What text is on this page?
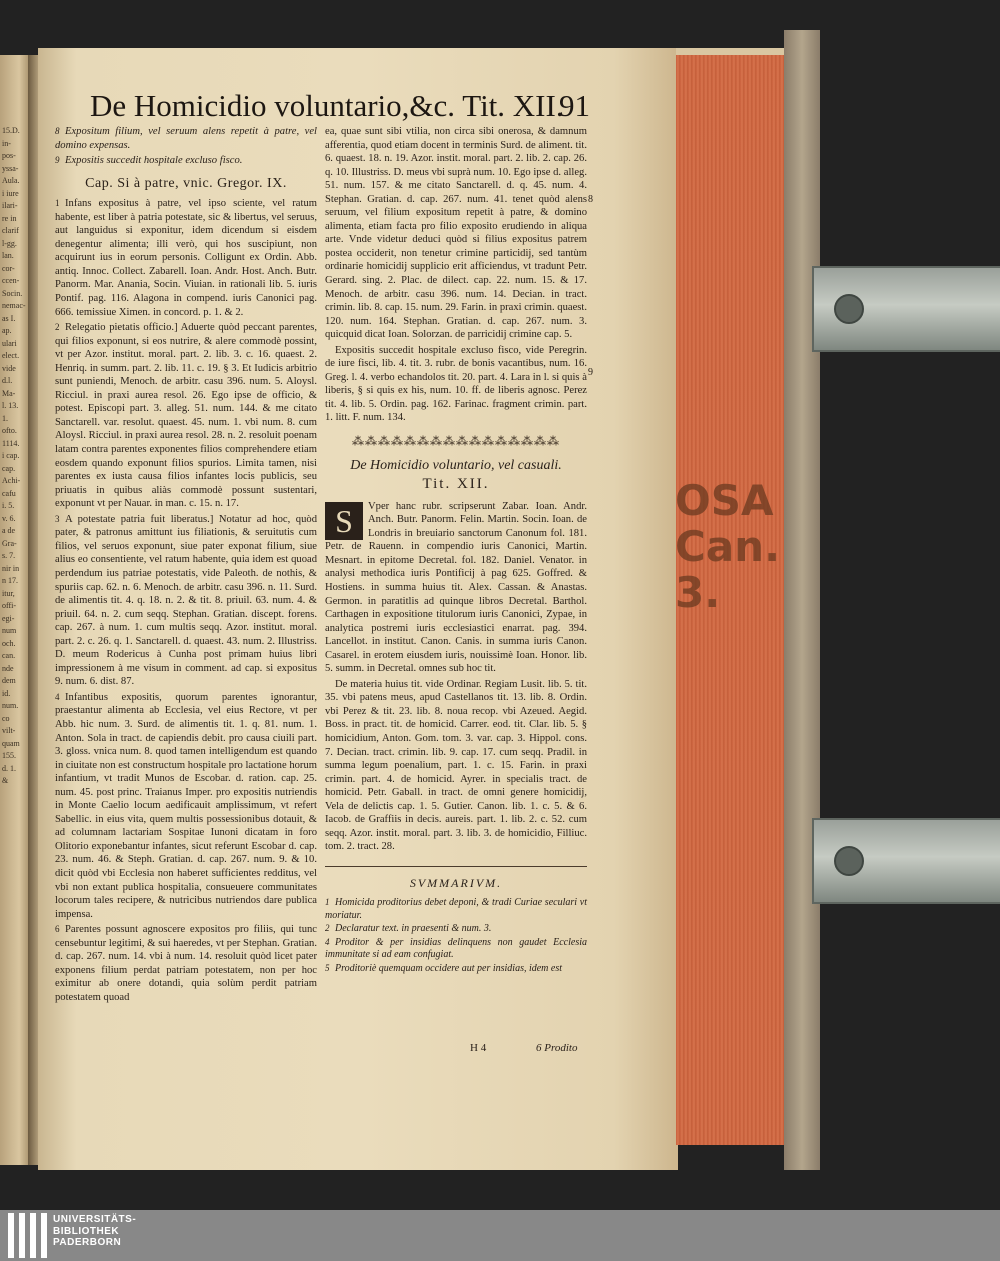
15.D.
in-
pos-
yssa-
Aula.
i iure
ilari-
re in
clarif
l-gg.
lan.
cor-
ccen-
Socin.
nemac-
as I.
ap.
ulari
elect.
vide
d.l.
Ma-
l. 13.
1.
ofto.
1114.
i cap.
cap.
Achi-
cafu
i. 5.
v. 6.
a de
Gra-
s. 7.
nir in
n 17.
itur,
offi-
egi-
num
och.
can.
nde
dem
id.
num.
co
vilt-
quam
155.
d. 1.
&
OSA
Can.
3.
De Homicidio voluntario,&c. Tit. XII.
91

8 Expositum filium, vel seruum alens repetit à patre, vel domino expensas.

9 Expositis succedit hospitale excluso fisco.

Cap. Si à patre, vnic. Gregor. IX.

1 Infans expositus à patre, vel ipso sciente, vel ratum habente, est liber à patria potestate, sic & libertus, vel seruus, aut languidus si exponitur, idem dicendum si eisdem denegentur alimenta; illi verò, qui hos suscipiunt, non acquirunt ius in eorum personis. Colligunt ex Ordin. Abb. antiq. Innoc. Collect. Zabarell. Ioan. Andr. Host. Anch. Butr. Panorm. Mar. Anania, Socin. Viuian. in rationali lib. 5. iuris Pontif. pag. 116. Alagona in compend. iuris Canonici pag. 666. temissiue Ximen. in concord. p. 1. & 2.

2 Relegatio pietatis officio.] Aduerte quòd peccant parentes, qui filios exponunt, si eos nutrire, & alere commodè possint, vt per Azor. institut. moral. part. 2. lib. 3. c. 16. quaest. 2. Henriq. in summ. part. 2. lib. 11. c. 19. § 3. Et Iudicis arbitrio sunt puniendi, Menoch. de arbitr. casu 396. num. 5. Aloysl. Ricciul. in praxi aurea resol. 26. Ego ipse de officio, & potest. Episcopi part. 3. alleg. 51. num. 144. & me citato Sanctarell. var. resolut. quaest. 45. num. 1. vbi num. 8. cum Aloysl. Ricciul. in praxi aurea resol. 28. n. 2. resoluit poenam latam contra parentes exponentes filios comprehendere etiam eosdem quando exponunt filios spurios. Limita tamen, nisi parentes ex iusta causa filios infantes locis publicis, seu priuatis in quibus aliàs commodè possunt sustentari, exponunt vt per Nauar. in man. c. 15. n. 17.

3 A potestate patria fuit liberatus.] Notatur ad hoc, quòd pater, & patronus amittunt ius filiationis, & seruitutis cum filios, vel seruos exponunt, siue pater exponat filium, siue alius eo consentiente, vel ratum habente, quia idem est quoad perdendum ius patriae potestatis, vide Paleoth. de nothis, & spuriis cap. 62. n. 6. Menoch. de arbitr. casu 396. n. 11. Surd. de alimentis tit. 4. q. 18. n. 2. & tit. 8. priuil. 63. num. 4. & priuil. 64. n. 2. cum seqq. Stephan. Gratian. discept. forens. cap. 267. à num. 1. cum multis seqq. Azor. institut. moral. part. 2. c. 26. q. 1. Sanctarell. d. quaest. 43. num. 2. Illustriss. D. meum Rodericus à Cunha post primam huius libri impressionem à me visum in comment. ad cap. si expositus 9. num. 6. dist. 87.

4 Infantibus expositis, quorum parentes ignorantur, praestantur alimenta ab Ecclesia, vel eius Rectore, vt per Abb. hic num. 3. Surd. de alimentis tit. 1. q. 81. num. 1. Anton. Sola in tract. de capiendis debit. pro causa ciuili part. 3. gloss. vnica num. 8. quod tamen intelligendum est quando in ciuitate non est constructum hospitale pro lactatione horum infantium, vt tradit Munos de Escobar. d. ration. cap. 25. num. 45. post princ. Traianus Imper. pro expositis nutriendis in Monte Caelio locum aedificauit amplissimum, vt refert Sabellic. in eius vita, quem multis possessionibus dotauit, & ad columnam lactariam Sospitae Iunoni dicatam in foro Olitorio exponebantur infantes, sicut referunt Escobar d. cap. 23. num. 46. & Steph. Gratian. d. cap. 267. num. 9. & 10. dicit quòd vbi Ecclesia non haberet sufficientes redditus, vel vbi non extant publica hospitalia, consueuere communitates locorum tales recipere, & nutricibus nutriendos dare publica impensa.

6 Parentes possunt agnoscere expositos pro filiis, qui tunc censebuntur legitimi, & sui haeredes, vt per Stephan. Gratian. d. cap. 267. num. 14. vbi à num. 14. resoluit quòd licet pater exponens filium perdat patriam potestatem, non per hoc eximitur ab onere dotandi, quia solùm perdit patriam potestatem quoad

ea, quae sunt sibi vtilia, non circa sibi onerosa, & damnum afferentia, quod etiam docent in terminis Surd. de aliment. tit. 6. quaest. 18. n. 19. Azor. instit. moral. part. 2. lib. 2. cap. 26. q. 10. Illustriss. D. meus vbi suprà num. 10. Ego ipse d. alleg. 51. num. 157. & me citato Sanctarell. d. q. 45. num. 4. Stephan. Gratian. d. cap. 267. num. 41. tenet quòd alens seruum, vel filium expositum repetit à patre, & domino alimenta, etiam facta pro filio exposito erudiendo in aliqua arte. Vnde videtur deduci quòd si filius expositus patrem postea occiderit, non tenetur crimine particidij, sed tantùm ordinarie homicidij supplicio erit afficiendus, vt tradunt Petr. Gerard. sing. 2. Plac. de dilect. cap. 22. num. 15. & 17. Menoch. de arbitr. casu 396. num. 14. Decian. in tract. crimin. lib. 8. cap. 15. num. 29. Farin. in praxi crimin. quaest. 120. num. 164. Stephan. Gratian. d. cap. 267. num. 3. quicquid dicat Ioan. Solorzan. de parricidij crimine cap. 5.

Expositis succedit hospitale excluso fisco, vide Peregrin. de iure fisci, lib. 4. tit. 3. rubr. de bonis vacantibus, num. 16. Greg. l. 4. verbo echandolos tit. 20. part. 4. Lara in l. si quis à liberis, § si quis ex his, num. 10. ff. de liberis agnosc. Perez tit. 4. lib. 5. Ordin. pag. 162. Farinac. fragment crimin. part. 1. litt. F. num. 134.

⁂⁂⁂⁂⁂⁂⁂⁂⁂⁂⁂⁂⁂⁂⁂⁂
De Homicidio voluntario, vel casuali.
Tit. XII.

S	Vper hanc rubr. scripserunt Zabar. Ioan. Andr. Anch. Butr. Panorm. Felin. Martin. Socin. Ioan. de Londris in breuiario sanctorum Canonum fol. 181. Petr. de Rauenn. in compendio iuris Canonici, Martin. Mesnart. in epitome Decretal. fol. 182. Daniel. Venator. in analysi methodica iuris Pontificij à pag 625. Goffred. & Hostiens. in summa huius tit. Alex. Cassan. & Anastas. Germon. in paratitlis ad quinque libros Decretal. Barthol. Carthagen in expositione titulorum iuris Canonici, Zypae, in analytica postremi iuris ecclesiastici enarrat. pag. 394. Lancellot. in institut. Canon. Canis. in summa iuris Canon. Casarel. in erotem eiusdem iuris, nouissimè Ioan. Honor. lib. 5. summ. in Decretal. omnes sub hoc tit.

De materia huius tit. vide Ordinar. Regiam Lusit. lib. 5. tit. 35. vbi patens meus, apud Castellanos tit. 13. lib. 8. Ordin. vbi Perez & tit. 23. lib. 8. noua recop. vbi Azeued. Aegid. Boss. in pract. tit. de homicid. Carrer. eod. tit. Clar. lib. 5. § homicidium, Anton. Gom. tom. 3. var. cap. 3. Hippol. cons. 7. Decian. tract. crimin. lib. 9. cap. 17. cum seqq. Pradil. in summa legum poenalium, part. 1. c. 15. Farin. in praxi crimin. part. 4. de homicid. Ayrer. in specialis tract. de homicid. Petr. Gaball. in tract. de omni genere homicidij, Vela de delictis cap. 1. 5. Gutier. Canon. lib. 1. c. 5. & 6. Iacob. de Graffiis in decis. aureis. part. 1. lib. 2. c. 52. cum seqq. Azor. instit. moral. part. 3. lib. 3. de homicidio, Filliuc. tom. 2. tract. 28.

SVMMARIVM.
1 Homicida proditorius debet deponi, & tradi Curiae seculari vt moriatur.
2 Declaratur text. in praesenti & num. 3.
4 Proditor & per insidias delinquens non gaudet Ecclesia immunitate si ad eam confugiat.
5 Proditoriè quemquam occidere aut per insidias, idem est
8
9
H 4	6 Prodito
UNIVERSITÄTS-
BIBLIOTHEK
PADERBORN
